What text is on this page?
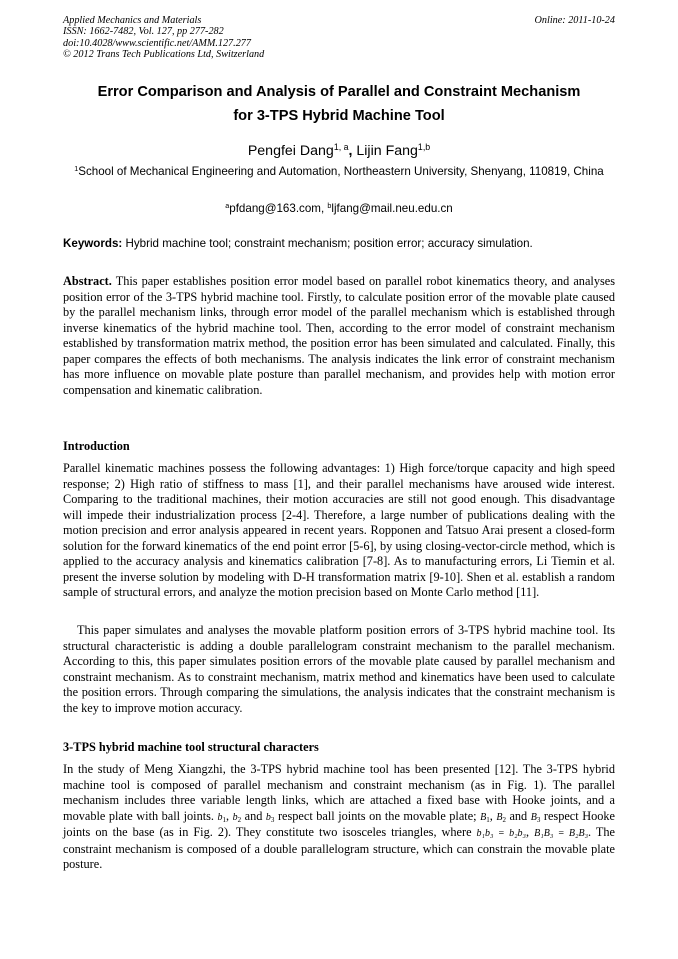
Applied Mechanics and Materials
ISSN: 1662-7482, Vol. 127, pp 277-282
doi:10.4028/www.scientific.net/AMM.127.277
© 2012 Trans Tech Publications Ltd, Switzerland
Online: 2011-10-24
Error Comparison and Analysis of Parallel and Constraint Mechanism
for 3-TPS Hybrid Machine Tool
Pengfei Dang$^{1, a}$, Lijin Fang$^{1,b}$
$^1$School of Mechanical Engineering and Automation, Northeastern University, Shenyang, 110819, China
$^a$pfdang@163.com, $^b$ljfang@mail.neu.edu.cn
Keywords: Hybrid machine tool; constraint mechanism; position error; accuracy simulation.
Abstract. This paper establishes position error model based on parallel robot kinematics theory, and analyses position error of the 3-TPS hybrid machine tool. Firstly, to calculate position error of the movable plate caused by the parallel mechanism links, through error model of the parallel mechanism which is established through inverse kinematics of the hybrid machine tool. Then, according to the error model of constraint mechanism established by transformation matrix method, the position error has been simulated and calculated. Finally, this paper compares the effects of both mechanisms. The analysis indicates the link error of constraint mechanism has more influence on movable plate posture than parallel mechanism, and provides help with motion error compensation and kinematic calibration.
Introduction
Parallel kinematic machines possess the following advantages: 1) High force/torque capacity and high speed response; 2) High ratio of stiffness to mass [1], and their parallel mechanisms have aroused wide interest. Comparing to the traditional machines, their motion accuracies are still not good enough. This disadvantage will impede their industrialization process [2-4]. Therefore, a large number of publications dealing with the motion precision and error analysis appeared in recent years. Ropponen and Tatsuo Arai present a closed-form solution for the forward kinematics of the end point error [5-6], by using closing-vector-circle method, which is applied to the accuracy analysis and kinematics calibration [7-8]. As to manufacturing errors, Li Tiemin et al. present the inverse solution by modeling with D-H transformation matrix [9-10]. Shen et al. establish a random sample of structural errors, and analyze the motion precision based on Monte Carlo method [11].
This paper simulates and analyses the movable platform position errors of 3-TPS hybrid machine tool. Its structural characteristic is adding a double parallelogram constraint mechanism to the parallel mechanism. According to this, this paper simulates position errors of the movable plate caused by parallel mechanism and constraint mechanism. As to constraint mechanism, matrix method and kinematics have been used to calculate the position errors. Through comparing the simulations, the analysis indicates that the constraint mechanism is the key to improve motion accuracy.
3-TPS hybrid machine tool structural characters
In the study of Meng Xiangzhi, the 3-TPS hybrid machine tool has been presented [12]. The 3-TPS hybrid machine tool is composed of parallel mechanism and constraint mechanism (as in Fig. 1). The parallel mechanism includes three variable length links, which are attached a fixed base with Hooke joints, and a movable plate with ball joints. $b_1$, $b_2$ and $b_3$ respect ball joints on the movable plate; $B_1$, $B_2$ and $B_3$ respect Hooke joints on the base (as in Fig. 2). They constitute two isosceles triangles, where b₁b₃ = b₂b₃, B₁B₃ = B₂B₃. The constraint mechanism is composed of a double parallelogram structure, which can constrain the movable plate posture.
